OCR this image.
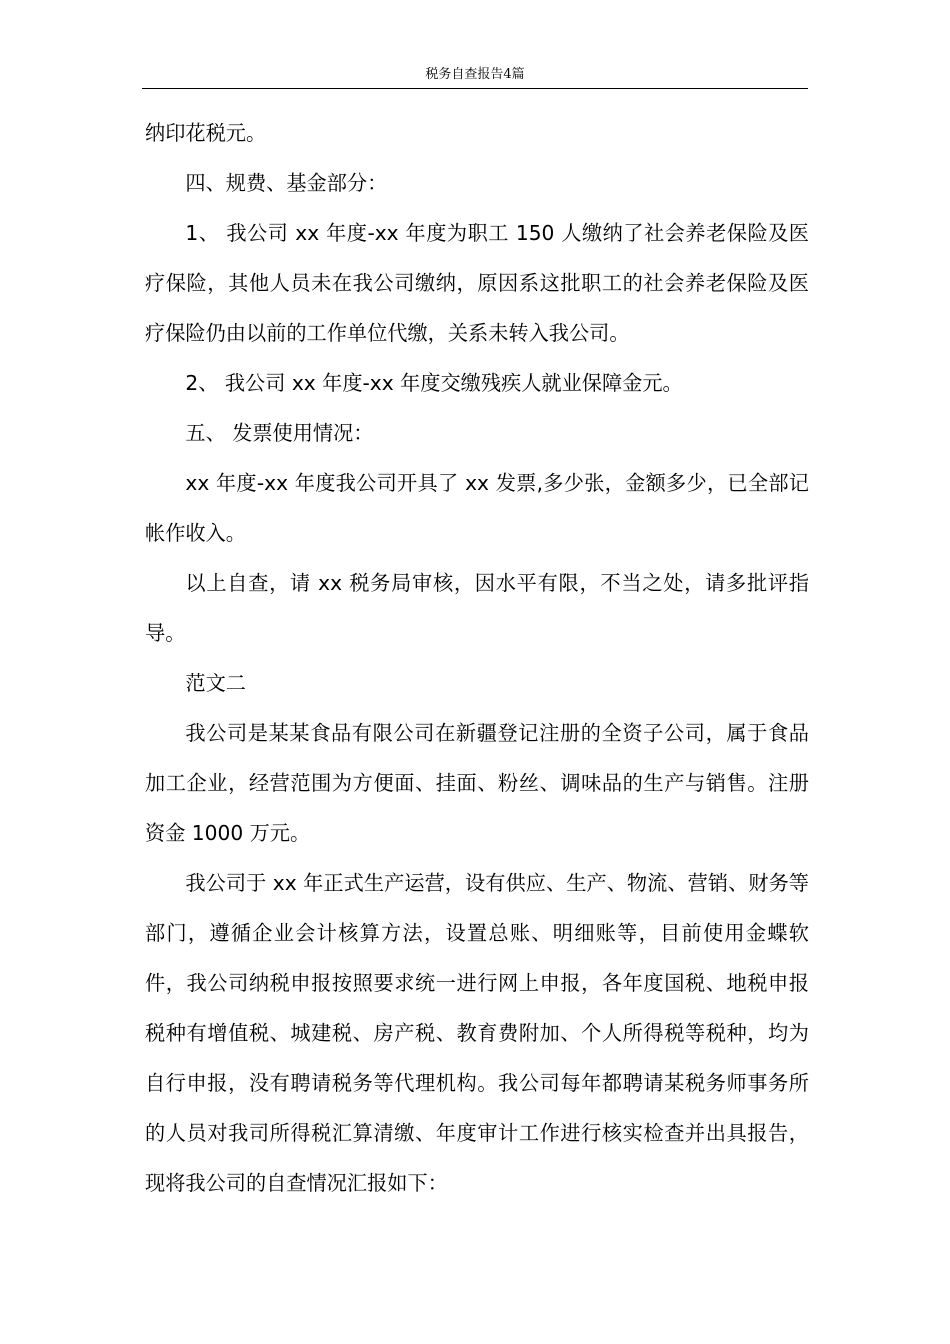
税务自查报告4篇

纳印花税元。

四、规费、基金部分：

1、 我公司 xx 年度-xx 年度为职工 150 人缴纳了社会养老保险及医疗保险，其他人员未在我公司缴纳，原因系这批职工的社会养老保险及医疗保险仍由以前的工作单位代缴，关系未转入我公司。

2、 我公司 xx 年度-xx 年度交缴残疾人就业保障金元。

五、 发票使用情况：

xx 年度-xx 年度我公司开具了 xx 发票,多少张，金额多少，已全部记帐作收入。

以上自查，请 xx 税务局审核，因水平有限，不当之处，请多批评指导。

范文二

我公司是某某食品有限公司在新疆登记注册的全资子公司，属于食品加工企业，经营范围为方便面、挂面、粉丝、调味品的生产与销售。注册资金 1000 万元。

我公司于 xx 年正式生产运营，设有供应、生产、物流、营销、财务等部门，遵循企业会计核算方法，设置总账、明细账等，目前使用金蝶软件，我公司纳税申报按照要求统一进行网上申报，各年度国税、地税申报税种有增值税、城建税、房产税、教育费附加、个人所得税等税种，均为自行申报，没有聘请税务等代理机构。我公司每年都聘请某税务师事务所的人员对我司所得税汇算清缴、年度审计工作进行核实检查并出具报告，现将我公司的自查情况汇报如下：
